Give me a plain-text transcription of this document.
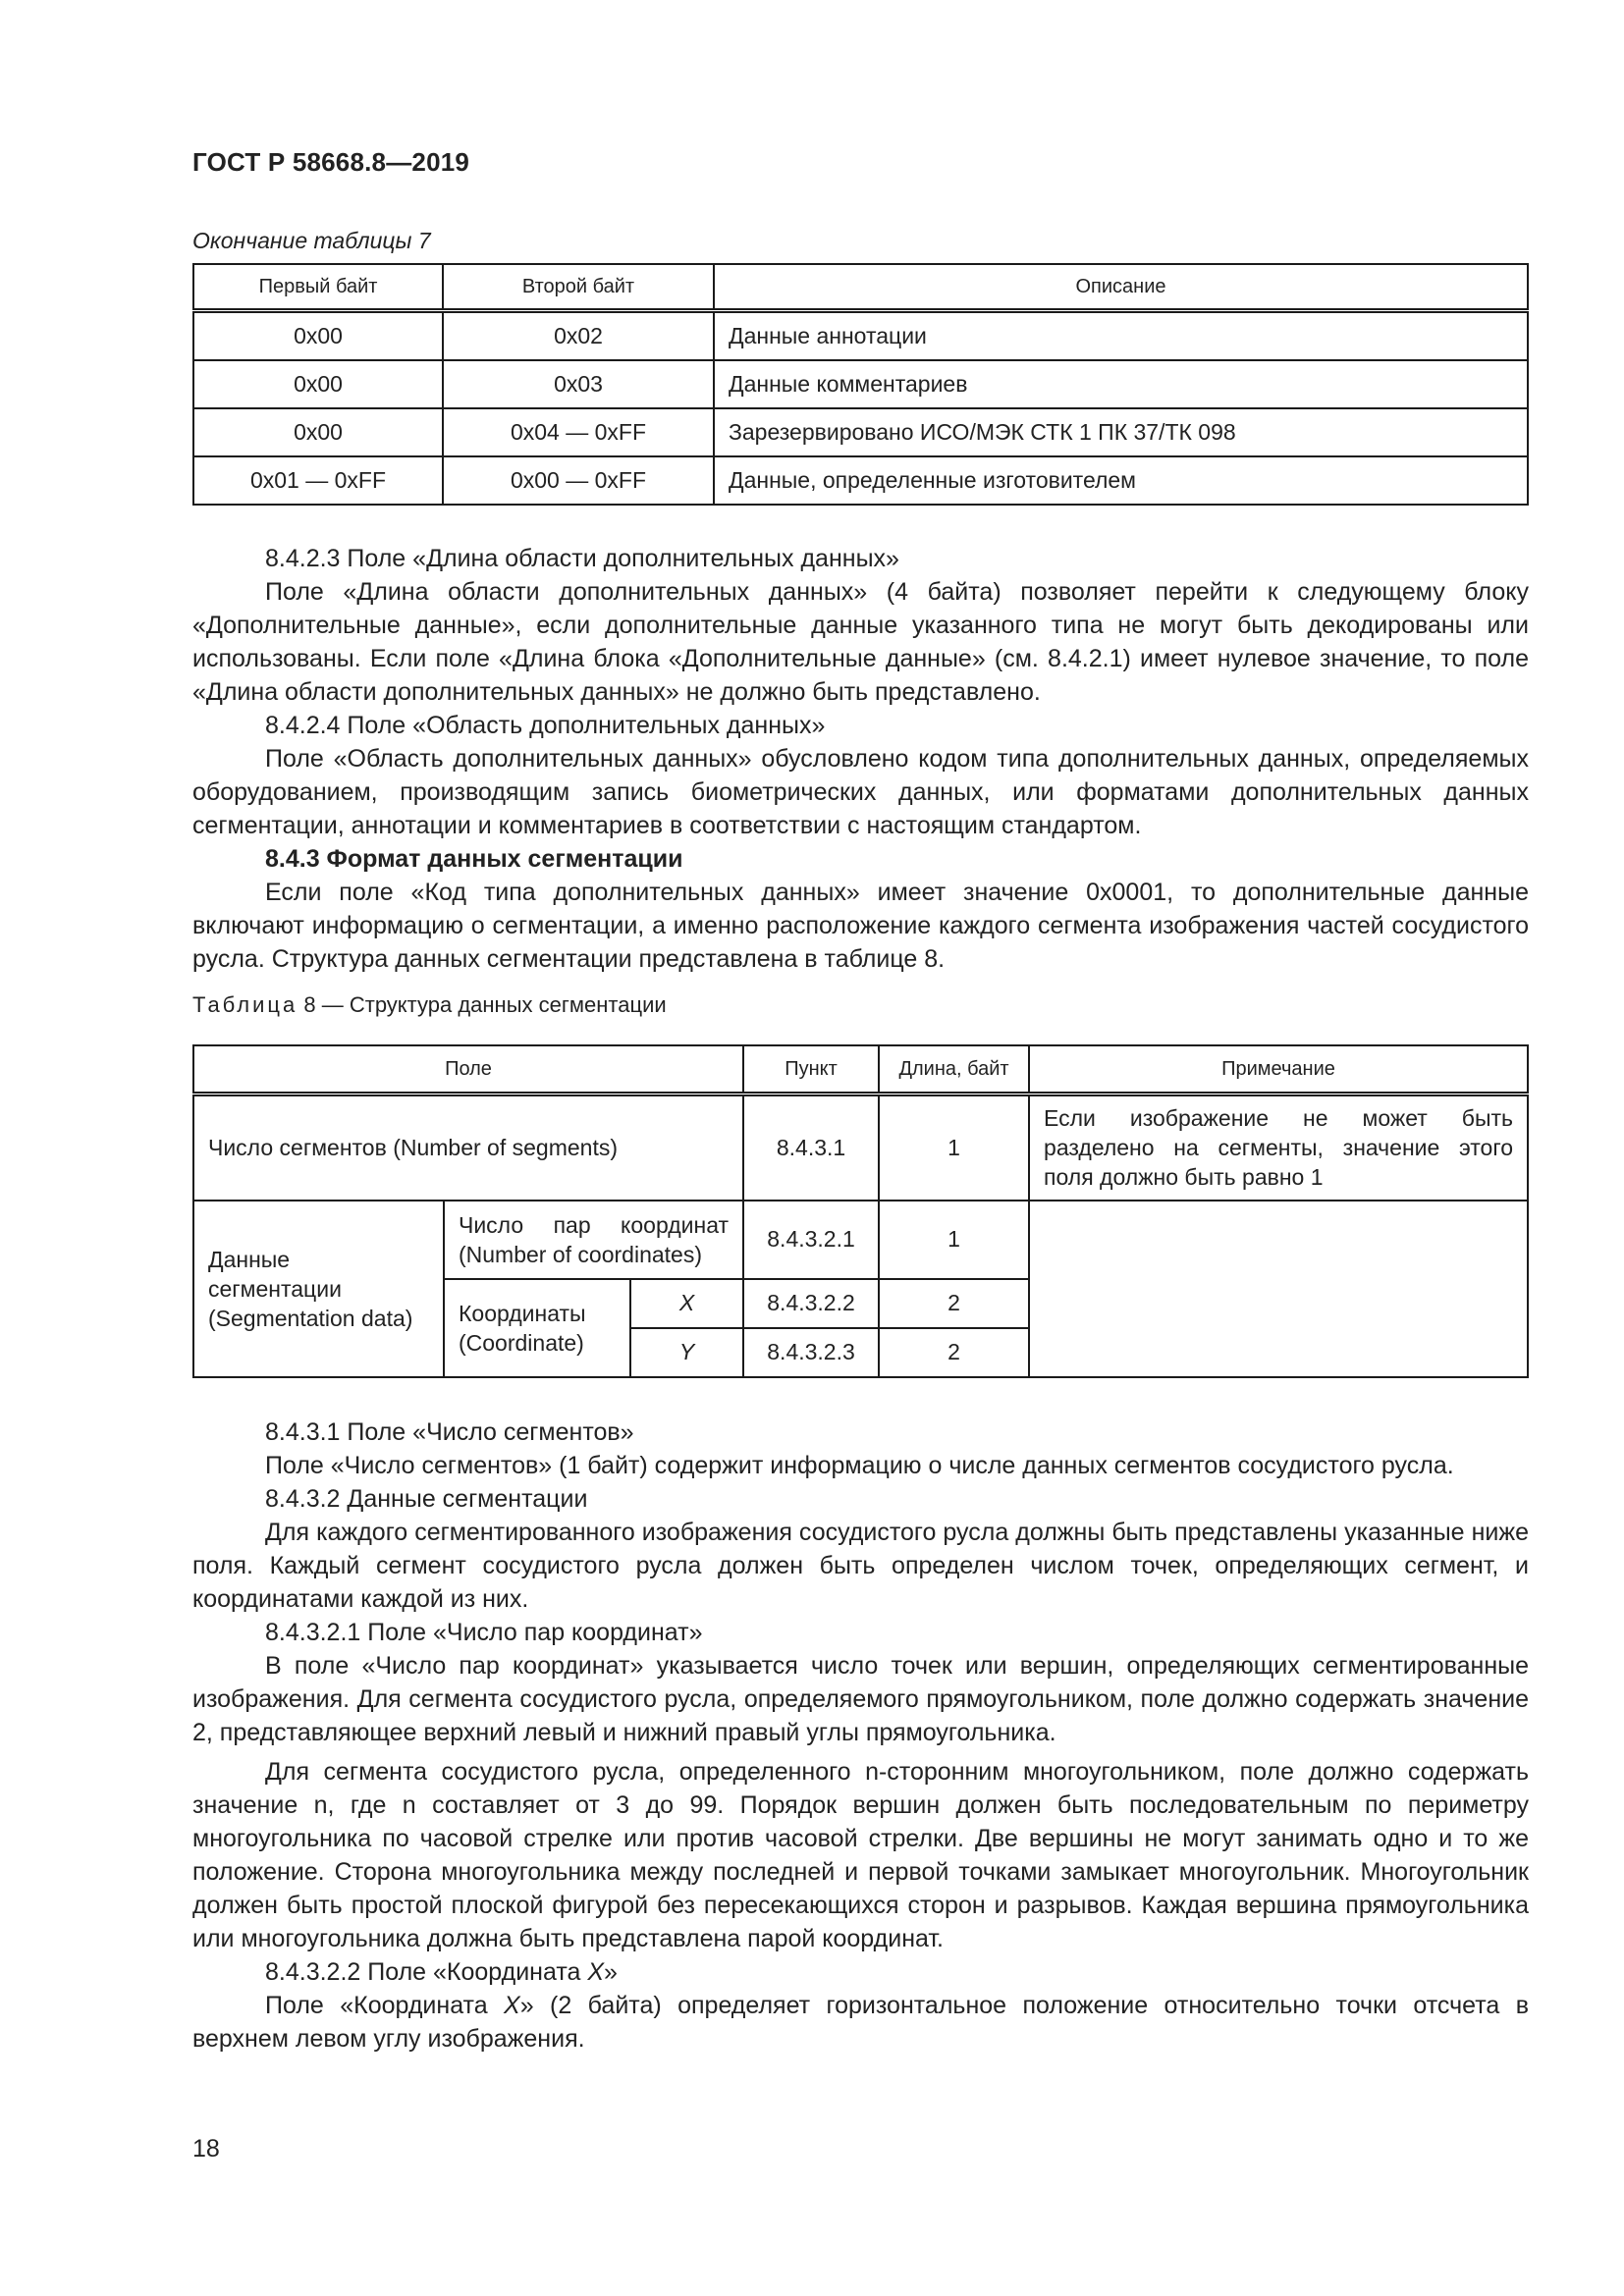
ГОСТ Р 58668.8—2019
Окончание таблицы 7
Первый байт	Второй байт	Описание
0x00	0x02	Данные аннотации
0x00	0x03	Данные комментариев
0x00	0x04 — 0xFF	Зарезервировано ИСО/МЭК СТК 1 ПК 37/ТК 098
0x01 — 0xFF	0x00 — 0xFF	Данные, определенные изготовителем

8.4.2.3 Поле «Длина области дополнительных данных»

Поле «Длина области дополнительных данных» (4 байта) позволяет перейти к следующему блоку «Дополнительные данные», если дополнительные данные указанного типа не могут быть декодированы или использованы. Если поле «Длина блока «Дополнительные данные» (см. 8.4.2.1) имеет нулевое значение, то поле «Длина области дополнительных данных» не должно быть представлено.

8.4.2.4 Поле «Область дополнительных данных»

Поле «Область дополнительных данных» обусловлено кодом типа дополнительных данных, определяемых оборудованием, производящим запись биометрических данных, или форматами дополнительных данных сегментации, аннотации и комментариев в соответствии с настоящим стандартом.

8.4.3 Формат данных сегментации

Если поле «Код типа дополнительных данных» имеет значение 0x0001, то дополнительные данные включают информацию о сегментации, а именно расположение каждого сегмента изображения частей сосудистого русла. Структура данных сегментации представлена в таблице 8.

Таблица 8 — Структура данных сегментации
Поле			Пункт	Длина, байт	Примечание
Число сегментов (Number of segments)			8.4.3.1	1	Если изображение не может быть разделено на сегменты, значение этого поля должно быть равно 1
Данные сегментации (Segmentation data)	Число пар координат (Number of coordinates)		8.4.3.2.1	1	
	Координаты (Coordinate)	X	8.4.3.2.2	2	
		Y	8.4.3.2.3	2	

8.4.3.1 Поле «Число сегментов»

Поле «Число сегментов» (1 байт) содержит информацию о числе данных сегментов сосудистого русла.

8.4.3.2 Данные сегментации

Для каждого сегментированного изображения сосудистого русла должны быть представлены указанные ниже поля. Каждый сегмент сосудистого русла должен быть определен числом точек, определяющих сегмент, и координатами каждой из них.

8.4.3.2.1 Поле «Число пар координат»

В поле «Число пар координат» указывается число точек или вершин, определяющих сегментированные изображения. Для сегмента сосудистого русла, определяемого прямоугольником, поле должно содержать значение 2, представляющее верхний левый и нижний правый углы прямоугольника.

Для сегмента сосудистого русла, определенного n-сторонним многоугольником, поле должно содержать значение n, где n составляет от 3 до 99. Порядок вершин должен быть последовательным по периметру многоугольника по часовой стрелке или против часовой стрелки. Две вершины не могут занимать одно и то же положение. Сторона многоугольника между последней и первой точками замыкает многоугольник. Многоугольник должен быть простой плоской фигурой без пересекающихся сторон и разрывов. Каждая вершина прямоугольника или многоугольника должна быть представлена парой координат.

8.4.3.2.2 Поле «Координата X»

Поле «Координата X» (2 байта) определяет горизонтальное положение относительно точки отсчета в верхнем левом углу изображения.

18
